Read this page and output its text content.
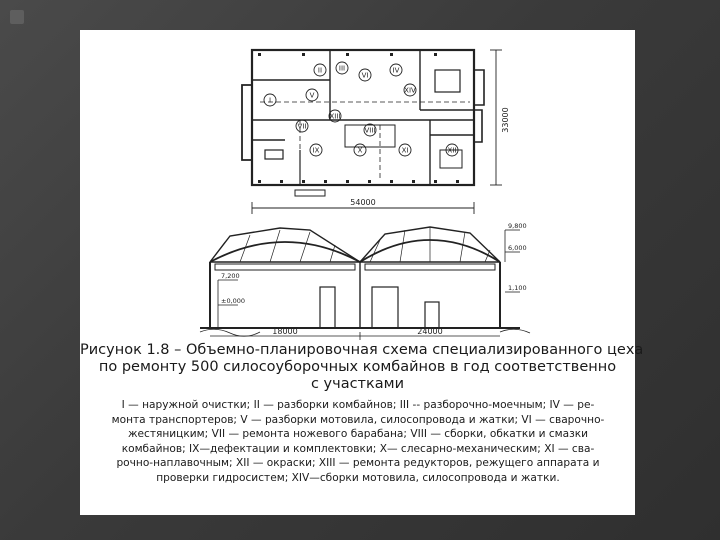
I
II III	IV
V
VI
VII	VIII
IX	X	XI	XII
XIII
XIV
54000
33000
9,800
6,000
7,200
±0,000
1,100
18000	24000
Рисунок 1.8 – Объемно-планировочная схема специализированного цеха
по ремонту 500 силосоуборочных комбайнов в год соответственно
с участками
I — наружной очистки; II — разборки комбайнов; III -- разборочно-моечным; IV — ре-
монта транспортеров; V — разборки мотовила, силосопровода и жатки; VI — сварочно-
жестяницким; VII — ремонта ножевого барабана; VIII — сборки, обкатки и смазки
комбайнов; IX—дефектации и комплектовки; X— слесарно-механическим; XI — сва-
рочно-наплавочным; XII — окраски; XIII — ремонта редукторов, режущего аппарата и
проверки гидросистем; XIV—сборки мотовила, силосопровода и жатки.
